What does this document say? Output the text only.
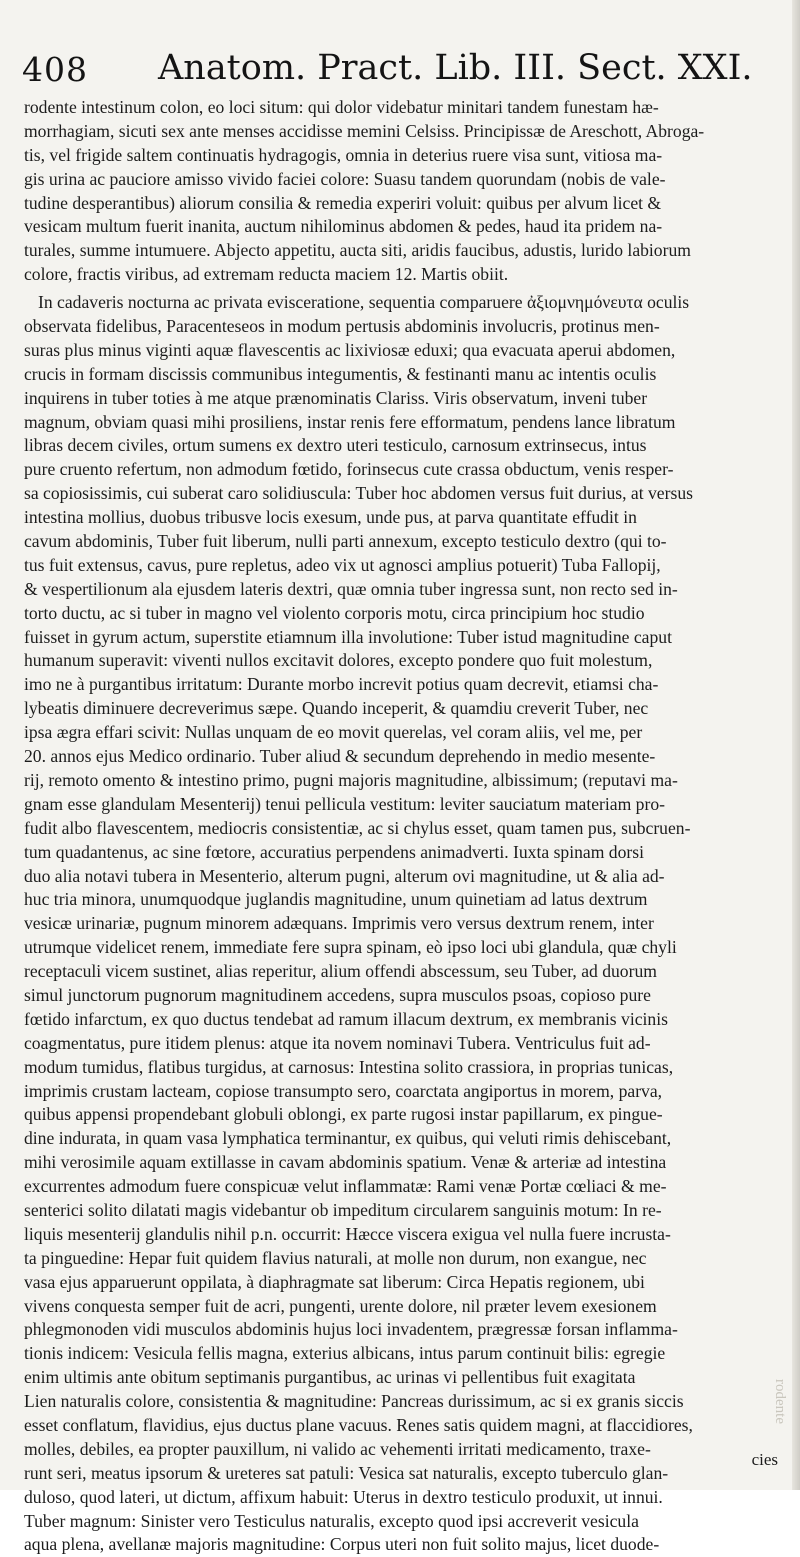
408 Anatom. Pract. Lib. III. Sect. XXI.
rodente intestinum colon, eo loci situm: qui dolor videbatur minitari tandem funestam hæ-
morrhagiam, sicuti sex ante menses accidisse memini Celsiss. Principissæ de Areschott, Abroga-
tis, vel frigide saltem continuatis hydragogis, omnia in deterius ruere visa sunt, vitiosa ma-
gis urina ac pauciore amisso vivido faciei colore: Suasu tandem quorundam (nobis de vale-
tudine desperantibus) aliorum consilia & remedia experiri voluit: quibus per alvum licet &
vesicam multum fuerit inanita, auctum nihilominus abdomen & pedes, haud ita pridem na-
turales, summe intumuere. Abjecto appetitu, aucta siti, aridis faucibus, adustis, lurido labiorum
colore, fractis viribus, ad extremam reducta maciem 12. Martis obiit.
In cadaveris nocturna ac privata evisceratione, sequentia comparuere ἀξιομνημόνευτα oculis
observata fidelibus, Paracenteseos in modum pertusis abdominis involucris, protinus men-
suras plus minus viginti aquæ flavescentis ac lixiviosæ eduxi; qua evacuata aperui abdomen,
crucis in formam discissis communibus integumentis, & festinanti manu ac intentis oculis
inquirens in tuber toties à me atque prænominatis Clariss. Viris observatum, inveni tuber
magnum, obviam quasi mihi prosiliens, instar renis fere efformatum, pendens lance libratum
libras decem civiles, ortum sumens ex dextro uteri testiculo, carnosum extrinsecus, intus
pure cruento refertum, non admodum fœtido, forinsecus cute crassa obductum, venis resper-
sa copiosissimis, cui suberat caro solidiuscula: Tuber hoc abdomen versus fuit durius, at versus
intestina mollius, duobus tribusve locis exesum, unde pus, at parva quantitate effudit in
cavum abdominis, Tuber fuit liberum, nulli parti annexum, excepto testiculo dextro (qui to-
tus fuit extensus, cavus, pure repletus, adeo vix ut agnosci amplius potuerit) Tuba Fallopij,
& vespertilionum ala ejusdem lateris dextri, quæ omnia tuber ingressa sunt, non recto sed in-
torto ductu, ac si tuber in magno vel violento corporis motu, circa principium hoc studio
fuisset in gyrum actum, superstite etiamnum illa involutione: Tuber istud magnitudine caput
humanum superavit: viventi nullos excitavit dolores, excepto pondere quo fuit molestum,
imo ne à purgantibus irritatum: Durante morbo increvit potius quam decrevit, etiamsi cha-
lybeatis diminuere decreverimus sæpe. Quando inceperit, & quamdiu creverit Tuber, nec
ipsa ægra effari scivit: Nullas unquam de eo movit querelas, vel coram aliis, vel me, per
20. annos ejus Medico ordinario. Tuber aliud & secundum deprehendo in medio mesente-
rij, remoto omento & intestino primo, pugni majoris magnitudine, albissimum; (reputavi ma-
gnam esse glandulam Mesenterij) tenui pellicula vestitum: leviter sauciatum materiam pro-
fudit albo flavescentem, mediocris consistentiæ, ac si chylus esset, quam tamen pus, subcruen-
tum quadantenus, ac sine fœtore, accuratius perpendens animadverti. Iuxta spinam dorsi
duo alia notavi tubera in Mesenterio, alterum pugni, alterum ovi magnitudine, ut & alia ad-
huc tria minora, unumquodque juglandis magnitudine, unum quinetiam ad latus dextrum
vesicæ urinariæ, pugnum minorem adæquans. Imprimis vero versus dextrum renem, inter
utrumque videlicet renem, immediate fere supra spinam, eò ipso loci ubi glandula, quæ chyli
receptaculi vicem sustinet, alias reperitur, alium offendi abscessum, seu Tuber, ad duorum
simul junctorum pugnorum magnitudinem accedens, supra musculos psoas, copioso pure
fœtido infarctum, ex quo ductus tendebat ad ramum illacum dextrum, ex membranis vicinis
coagmentatus, pure itidem plenus: atque ita novem nominavi Tubera. Ventriculus fuit ad-
modum tumidus, flatibus turgidus, at carnosus: Intestina solito crassiora, in proprias tunicas,
imprimis crustam lacteam, copiose transumpto sero, coarctata angiportus in morem, parva,
quibus appensi propendebant globuli oblongi, ex parte rugosi instar papillarum, ex pingue-
dine indurata, in quam vasa lymphatica terminantur, ex quibus, qui veluti rimis dehiscebant,
mihi verosimile aquam extillasse in cavam abdominis spatium. Venæ & arteriæ ad intestina
excurrentes admodum fuere conspicuæ velut inflammatæ: Rami venæ Portæ cœliaci & me-
senterici solito dilatati magis videbantur ob impeditum circularem sanguinis motum: In re-
liquis mesenterij glandulis nihil p.n. occurrit: Hæcce viscera exigua vel nulla fuere incrusta-
ta pinguedine: Hepar fuit quidem flavius naturali, at molle non durum, non exangue, nec
vasa ejus apparuerunt oppilata, à diaphragmate sat liberum: Circa Hepatis regionem, ubi
vivens conquesta semper fuit de acri, pungenti, urente dolore, nil præter levem exesionem
phlegmonoden vidi musculos abdominis hujus loci invadentem, prægressæ forsan inflamma-
tionis indicem: Vesicula fellis magna, exterius albicans, intus parum continuit bilis: egregie
enim ultimis ante obitum septimanis purgantibus, ac urinas vi pellentibus fuit exagitata
Lien naturalis colore, consistentia & magnitudine: Pancreas durissimum, ac si ex granis siccis
esset conflatum, flavidius, ejus ductus plane vacuus. Renes satis quidem magni, at flaccidiores,
molles, debiles, ea propter pauxillum, ni valido ac vehementi irritati medicamento, traxe-
runt seri, meatus ipsorum & ureteres sat patuli: Vesica sat naturalis, excepto tuberculo glan-
duloso, quod lateri, ut dictum, affixum habuit: Uterus in dextro testiculo produxit, ut innui.
Tuber magnum: Sinister vero Testiculus naturalis, excepto quod ipsi accreverit vesicula
aqua plena, avellanæ majoris magnitudine: Corpus uteri non fuit solito majus, licet duode-
cies
rodente
